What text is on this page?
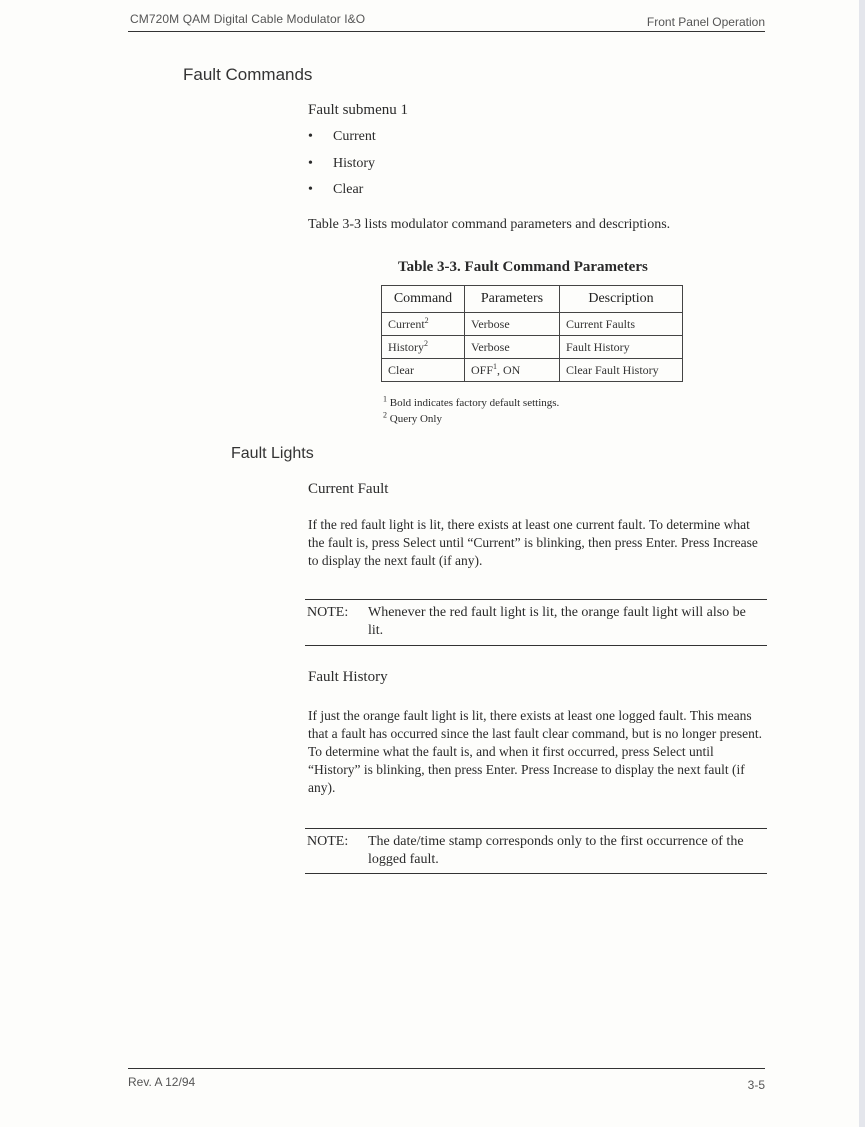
CM720M QAM Digital Cable Modulator I&O	Front Panel Operation
Fault Commands
Fault submenu 1
• Current
• History
• Clear
Table 3-3 lists modulator command parameters and descriptions.
Table 3-3. Fault Command Parameters
Command	Parameters	Description
Current$^2$	Verbose	Current Faults
History$^2$	Verbose	Fault History
Clear	OFF$^1$, ON	Clear Fault History
$^1$ Bold indicates factory default settings.
$^2$ Query Only
Fault Lights
Current Fault
If the red fault light is lit, there exists at least one current fault. To determine what the fault is, press Select until “Current” is blinking, then press Enter. Press Increase to display the next fault (if any).
NOTE: Whenever the red fault light is lit, the orange fault light will also be lit.
Fault History
If just the orange fault light is lit, there exists at least one logged fault. This means that a fault has occurred since the last fault clear command, but is no longer present. To determine what the fault is, and when it first occurred, press Select until “History” is blinking, then press Enter. Press Increase to display the next fault (if any).
NOTE: The date/time stamp corresponds only to the first occurrence of the logged fault.
Rev. A 12/94	3-5
